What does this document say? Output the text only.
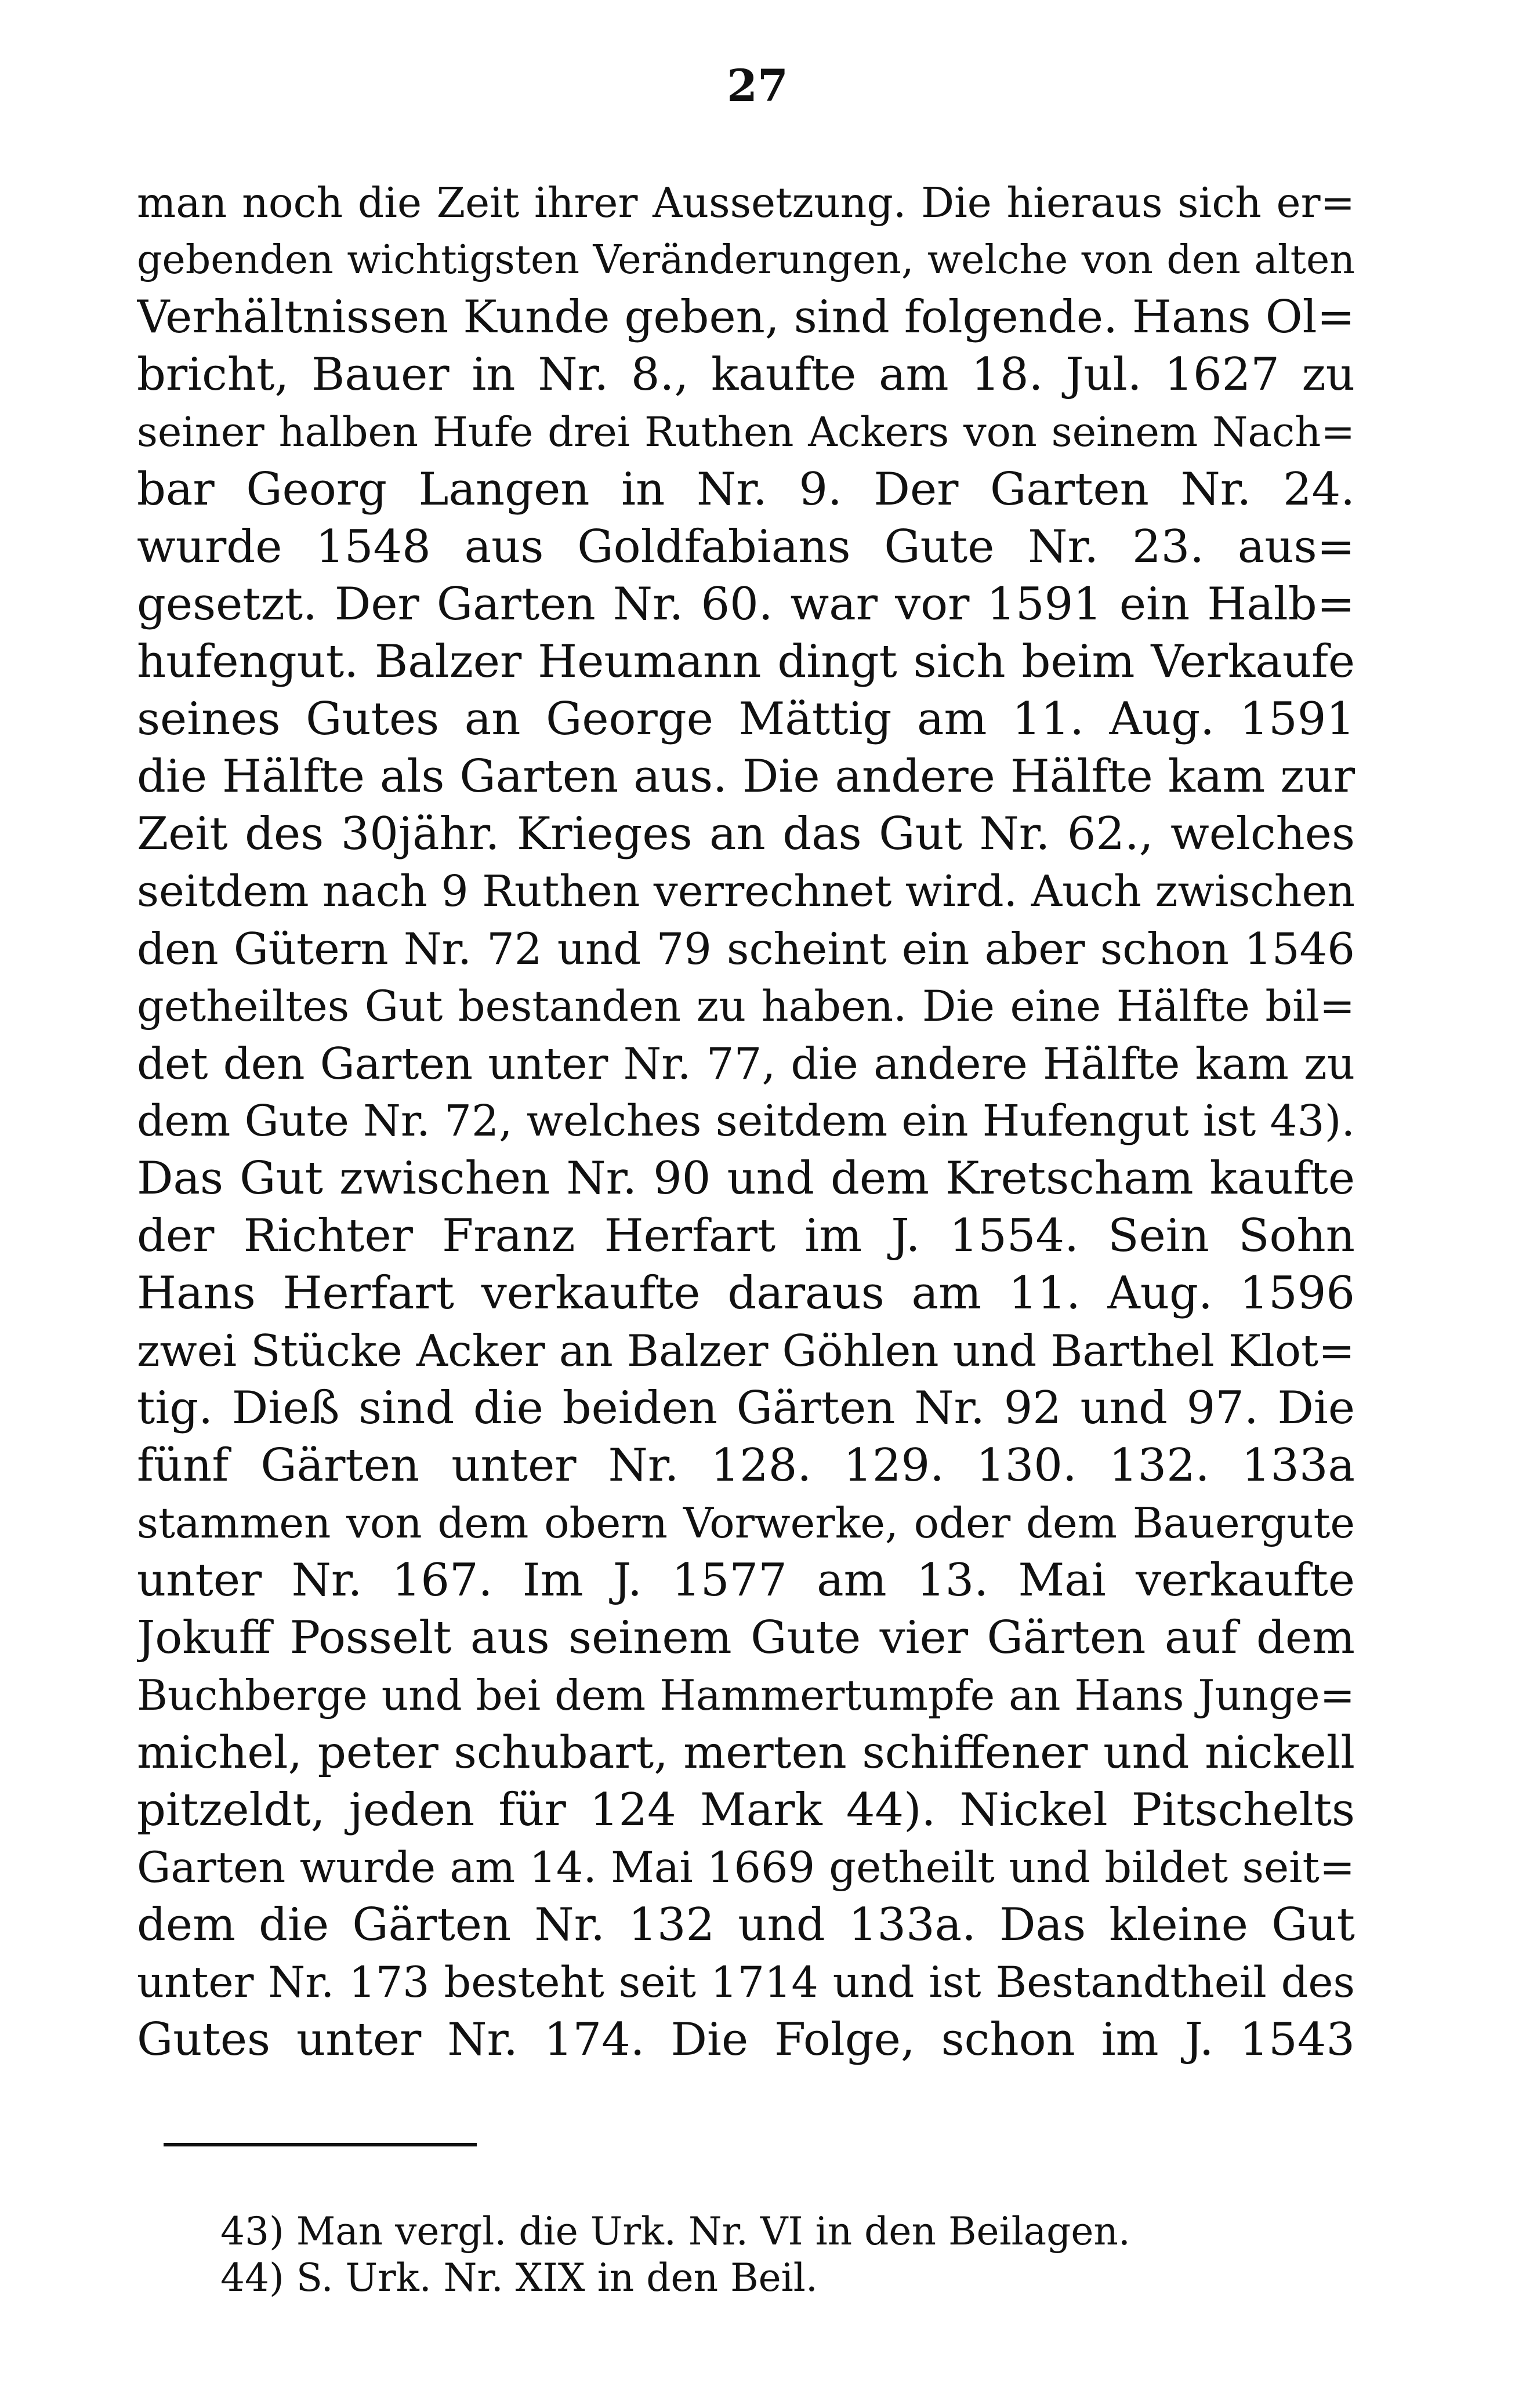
27
man noch die Zeit ihrer Aussetzung. Die hieraus sich er=
gebenden wichtigsten Veränderungen, welche von den alten
Verhältnissen Kunde geben, sind folgende. Hans Ol=
bricht, Bauer in Nr. 8., kaufte am 18. Jul. 1627 zu
seiner halben Hufe drei Ruthen Ackers von seinem Nach=
bar Georg Langen in Nr. 9. Der Garten Nr. 24.
wurde 1548 aus Goldfabians Gute Nr. 23. aus=
gesetzt. Der Garten Nr. 60. war vor 1591 ein Halb=
hufengut. Balzer Heumann dingt sich beim Verkaufe
seines Gutes an George Mättig am 11. Aug. 1591
die Hälfte als Garten aus. Die andere Hälfte kam zur
Zeit des 30jähr. Krieges an das Gut Nr. 62., welches
seitdem nach 9 Ruthen verrechnet wird. Auch zwischen
den Gütern Nr. 72 und 79 scheint ein aber schon 1546
getheiltes Gut bestanden zu haben. Die eine Hälfte bil=
det den Garten unter Nr. 77, die andere Hälfte kam zu
dem Gute Nr. 72, welches seitdem ein Hufengut ist 43).
Das Gut zwischen Nr. 90 und dem Kretscham kaufte
der Richter Franz Herfart im J. 1554. Sein Sohn
Hans Herfart verkaufte daraus am 11. Aug. 1596
zwei Stücke Acker an Balzer Göhlen und Barthel Klot=
tig. Dieß sind die beiden Gärten Nr. 92 und 97. Die
fünf Gärten unter Nr. 128. 129. 130. 132. 133a
stammen von dem obern Vorwerke, oder dem Bauergute
unter Nr. 167. Im J. 1577 am 13. Mai verkaufte
Jokuff Posselt aus seinem Gute vier Gärten auf dem
Buchberge und bei dem Hammertumpfe an Hans Junge=
michel, peter schubart, merten schiffener und nickell
pitzeldt, jeden für 124 Mark 44). Nickel Pitschelts
Garten wurde am 14. Mai 1669 getheilt und bildet seit=
dem die Gärten Nr. 132 und 133a. Das kleine Gut
unter Nr. 173 besteht seit 1714 und ist Bestandtheil des
Gutes unter Nr. 174. Die Folge, schon im J. 1543
43) Man vergl. die Urk. Nr. VI in den Beilagen.
44) S. Urk. Nr. XIX in den Beil.
